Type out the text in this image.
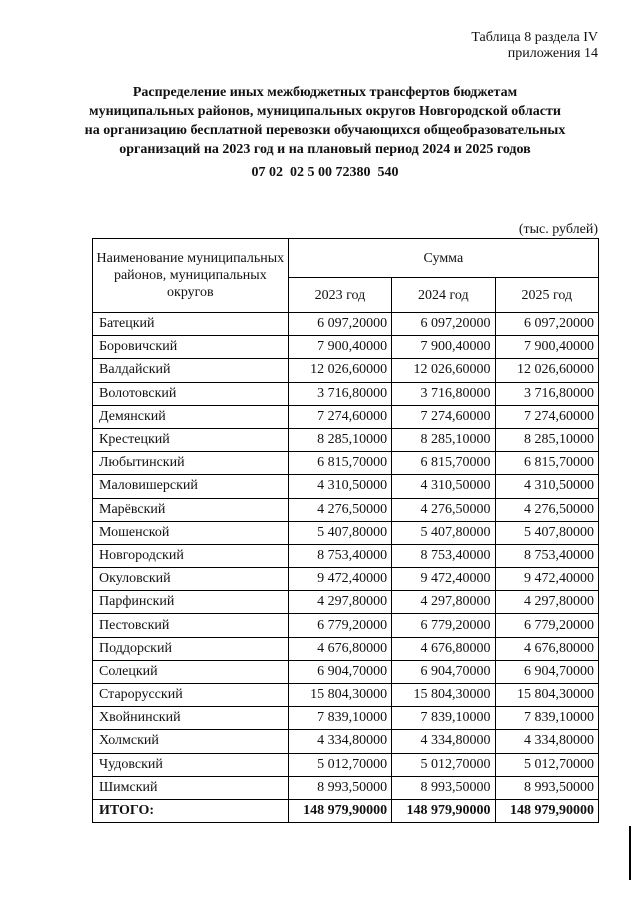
Таблица 8 раздела IV
приложения 14
Распределение иных межбюджетных трансфертов бюджетам
муниципальных районов, муниципальных округов Новгородской области
на организацию бесплатной перевозки обучающихся общеобразовательных
организаций на 2023 год и на плановый период 2024 и 2025 годов
07 02  02 5 00 72380  540
(тыс. рублей)
Наименование муниципальных районов, муниципальных округов	Сумма		
	2023 год	2024 год	2025 год
Батецкий	6 097,20000	6 097,20000	6 097,20000
Боровичский	7 900,40000	7 900,40000	7 900,40000
Валдайский	12 026,60000	12 026,60000	12 026,60000
Волотовский	3 716,80000	3 716,80000	3 716,80000
Демянский	7 274,60000	7 274,60000	7 274,60000
Крестецкий	8 285,10000	8 285,10000	8 285,10000
Любытинский	6 815,70000	6 815,70000	6 815,70000
Маловишерский	4 310,50000	4 310,50000	4 310,50000
Марёвский	4 276,50000	4 276,50000	4 276,50000
Мошенской	5 407,80000	5 407,80000	5 407,80000
Новгородский	8 753,40000	8 753,40000	8 753,40000
Окуловский	9 472,40000	9 472,40000	9 472,40000
Парфинский	4 297,80000	4 297,80000	4 297,80000
Пестовский	6 779,20000	6 779,20000	6 779,20000
Поддорский	4 676,80000	4 676,80000	4 676,80000
Солецкий	6 904,70000	6 904,70000	6 904,70000
Старорусский	15 804,30000	15 804,30000	15 804,30000
Хвойнинский	7 839,10000	7 839,10000	7 839,10000
Холмский	4 334,80000	4 334,80000	4 334,80000
Чудовский	5 012,70000	5 012,70000	5 012,70000
Шимский	8 993,50000	8 993,50000	8 993,50000
ИТОГО:	148 979,90000	148 979,90000	148 979,90000
